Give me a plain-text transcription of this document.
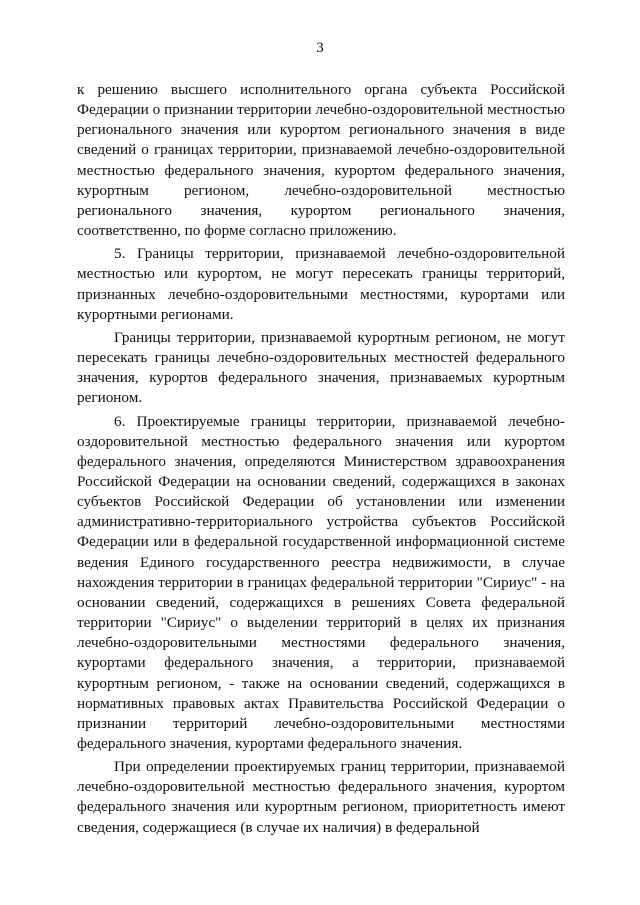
3

к решению высшего исполнительного органа субъекта Российской Федерации о признании территории лечебно-оздоровительной местностью регионального значения или курортом регионального значения в виде сведений о границах территории, признаваемой лечебно-оздоровительной местностью федерального значения, курортом федерального значения, курортным регионом, лечебно-оздоровительной местностью регионального значения, курортом регионального значения, соответственно, по форме согласно приложению.

5. Границы территории, признаваемой лечебно-оздоровительной местностью или курортом, не могут пересекать границы территорий, признанных лечебно-оздоровительными местностями, курортами или курортными регионами.

Границы территории, признаваемой курортным регионом, не могут пересекать границы лечебно-оздоровительных местностей федерального значения, курортов федерального значения, признаваемых курортным регионом.

6. Проектируемые границы территории, признаваемой лечебно-оздоровительной местностью федерального значения или курортом федерального значения, определяются Министерством здравоохранения Российской Федерации на основании сведений, содержащихся в законах субъектов Российской Федерации об установлении или изменении административно-территориального устройства субъектов Российской Федерации или в федеральной государственной информационной системе ведения Единого государственного реестра недвижимости, в случае нахождения территории в границах федеральной территории "Сириус" - на основании сведений, содержащихся в решениях Совета федеральной территории "Сириус" о выделении территорий в целях их признания лечебно-оздоровительными местностями федерального значения, курортами федерального значения, а территории, признаваемой курортным регионом, - также на основании сведений, содержащихся в нормативных правовых актах Правительства Российской Федерации о признании территорий лечебно-оздоровительными местностями федерального значения, курортами федерального значения.

При определении проектируемых границ территории, признаваемой лечебно-оздоровительной местностью федерального значения, курортом федерального значения или курортным регионом, приоритетность имеют сведения, содержащиеся (в случае их наличия) в федеральной
